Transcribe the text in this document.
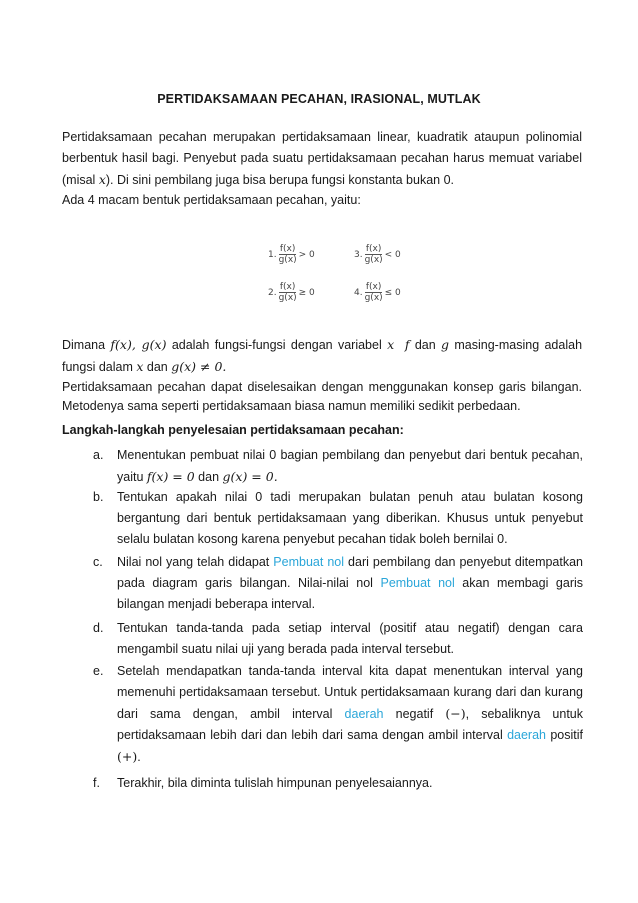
PERTIDAKSAMAAN PECAHAN, IRASIONAL, MUTLAK
Pertidaksamaan pecahan merupakan pertidaksamaan linear, kuadratik ataupun polinomial berbentuk hasil bagi. Penyebut pada suatu pertidaksamaan pecahan harus memuat variabel (misal x). Di sini pembilang juga bisa berupa fungsi konstanta bukan 0.
Ada 4 macam bentuk pertidaksamaan pecahan, yaitu:
1. $\frac{f(x)}{g(x)} > 0$	3. $\frac{f(x)}{g(x)} < 0$
2. $\frac{f(x)}{g(x)} \ge 0$	4. $\frac{f(x)}{g(x)} \le 0$
Dimana f(x), g(x) adalah fungsi-fungsi dengan variabel x f dan g masing-masing adalah fungsi dalam x dan g(x) ≠ 0.
Pertidaksamaan pecahan dapat diselesaikan dengan menggunakan konsep garis bilangan. Metodenya sama seperti pertidaksamaan biasa namun memiliki sedikit perbedaan.
Langkah-langkah penyelesaian pertidaksamaan pecahan:
a. Menentukan pembuat nilai 0 bagian pembilang dan penyebut dari bentuk pecahan, yaitu f(x) = 0 dan g(x) = 0.
b. Tentukan apakah nilai 0 tadi merupakan bulatan penuh atau bulatan kosong bergantung dari bentuk pertidaksamaan yang diberikan. Khusus untuk penyebut selalu bulatan kosong karena penyebut pecahan tidak boleh bernilai 0.
c. Nilai nol yang telah didapat Pembuat nol dari pembilang dan penyebut ditempatkan pada diagram garis bilangan. Nilai-nilai nol Pembuat nol akan membagi garis bilangan menjadi beberapa interval.
d. Tentukan tanda-tanda pada setiap interval (positif atau negatif) dengan cara mengambil suatu nilai uji yang berada pada interval tersebut.
e. Setelah mendapatkan tanda-tanda interval kita dapat menentukan interval yang memenuhi pertidaksamaan tersebut. Untuk pertidaksamaan kurang dari dan kurang dari sama dengan, ambil interval daerah negatif (−), sebaliknya untuk pertidaksamaan lebih dari dan lebih dari sama dengan ambil interval daerah positif (+).
f. Terakhir, bila diminta tulislah himpunan penyelesaiannya.
